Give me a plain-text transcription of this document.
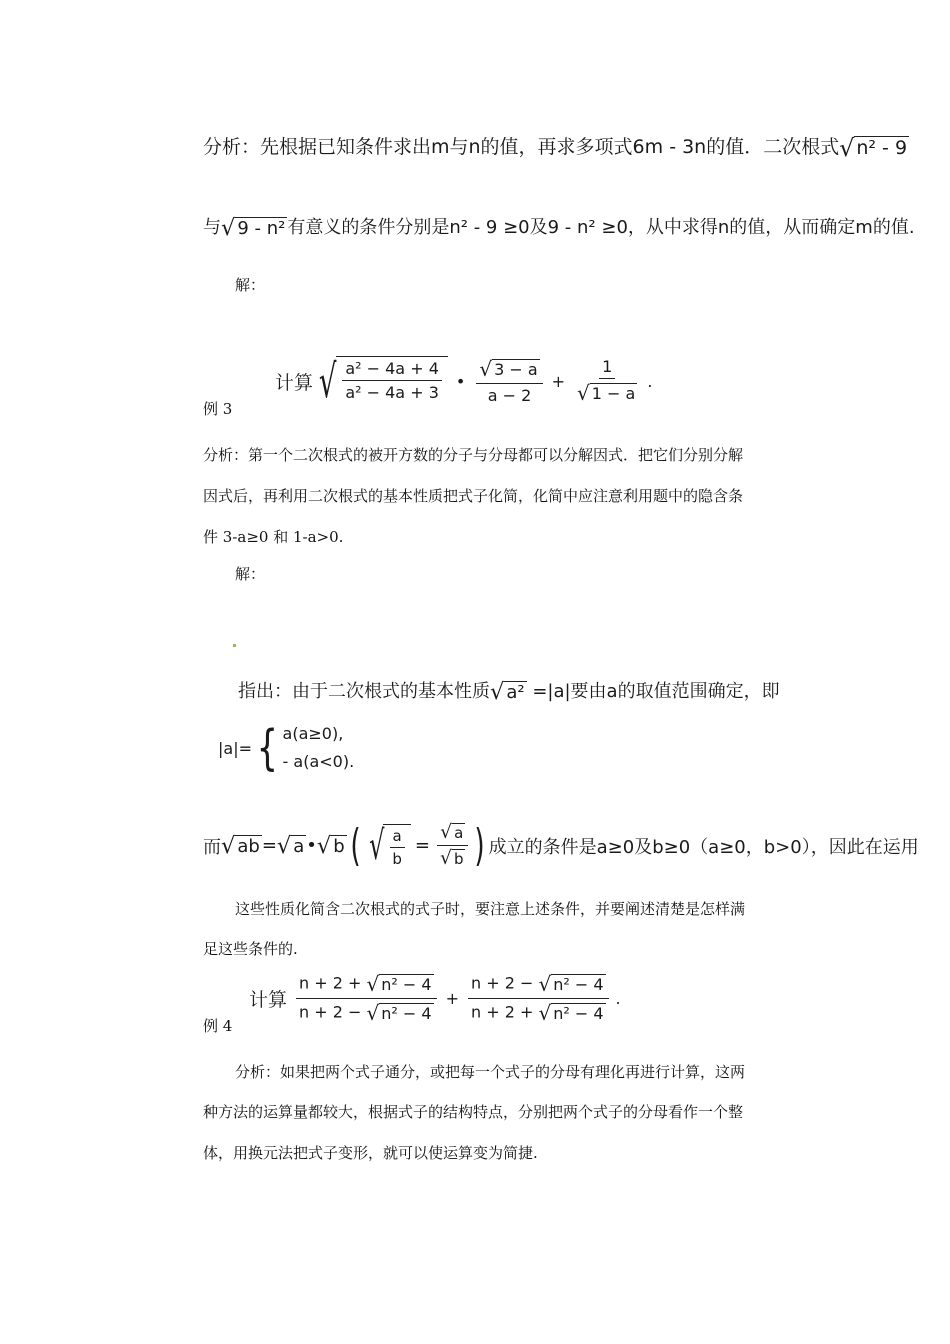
分析：先根据已知条件求出m与n的值，再求多项式6m - 3n的值．二次根式√ n² - 9
与√ 9 - n² 有意义的条件分别是n² - 9 ≥0及9 - n² ≥0，从中求得n的值，从而确定m的值.
解：
例 3
计算 √ $\frac{\text{a² − 4a + 4}}{\text{a² − 4a + 3}}$ • $\frac{√ 3 - a}{a - 2} + \frac{1}{√ 1 - a}$ .
分析：第一个二次根式的被开方数的分子与分母都可以分解因式．把它们分别分解
因式后，再利用二次根式的基本性质把式子化简，化简中应注意利用题中的隐含条
件 3-a≥0 和 1-a>0.
解：
指出：由于二次根式的基本性质√ a² =|a|要由a的取值范围确定，即
|a|= { a(a≥0),
- a(a<0).
而 √ ab = √ a • √ b ( √ $\frac{a}{b} = \frac{√ a}{√ b}$ ) 成立的条件是a≥0及b≥0（a≥0，b>0），因此在运用
这些性质化简含二次根式的式子时，要注意上述条件，并要阐述清楚是怎样满
足这些条件的.
例 4
计算 $\frac{\text{n + 2 + √ n² − 4}}{\text{n + 2 − √ n² − 4}} + \frac{\text{n + 2 − √ n² − 4}}{\text{n + 2 + √ n² − 4}}$ .
分析：如果把两个式子通分，或把每一个式子的分母有理化再进行计算，这两
种方法的运算量都较大，根据式子的结构特点，分别把两个式子的分母看作一个整
体，用换元法把式子变形，就可以使运算变为简捷.
